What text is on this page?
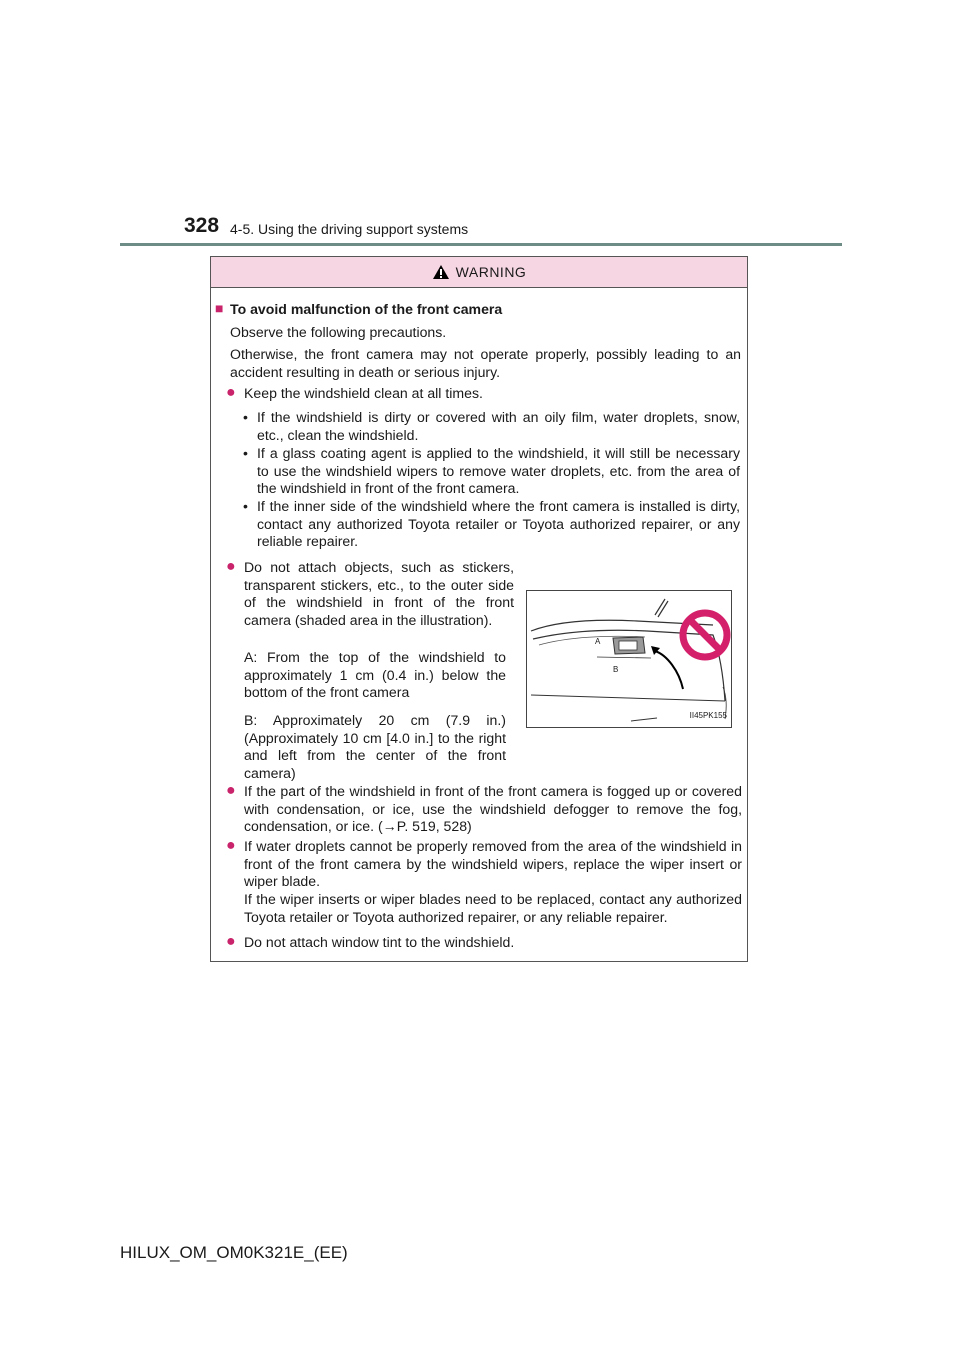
328 4-5. Using the driving support systems
WARNING
■ To avoid malfunction of the front camera
Observe the following precautions.
Otherwise, the front camera may not operate properly, possibly leading to an accident resulting in death or serious injury.
● Keep the windshield clean at all times.
• If the windshield is dirty or covered with an oily film, water droplets, snow, etc., clean the windshield.
• If a glass coating agent is applied to the windshield, it will still be necessary to use the windshield wipers to remove water droplets, etc. from the area of the windshield in front of the front camera.
• If the inner side of the windshield where the front camera is installed is dirty, contact any authorized Toyota retailer or Toyota authorized repairer, or any reliable repairer.
● Do not attach objects, such as stickers, transparent stickers, etc., to the outer side of the windshield in front of the front camera (shaded area in the illustration).
A: From the top of the windshield to approximately 1 cm (0.4 in.) below the bottom of the front camera
B: Approximately 20 cm (7.9 in.) (Approximately 10 cm [4.0 in.] to the right and left from the center of the front camera)
A
B
II45PK155
● If the part of the windshield in front of the front camera is fogged up or covered with condensation, or ice, use the windshield defogger to remove the fog, condensation, or ice. (→P. 519, 528)
● If water droplets cannot be properly removed from the area of the windshield in front of the front camera by the windshield wipers, replace the wiper insert or wiper blade.
If the wiper inserts or wiper blades need to be replaced, contact any authorized Toyota retailer or Toyota authorized repairer, or any reliable repairer.
● Do not attach window tint to the windshield.
HILUX_OM_OM0K321E_(EE)
